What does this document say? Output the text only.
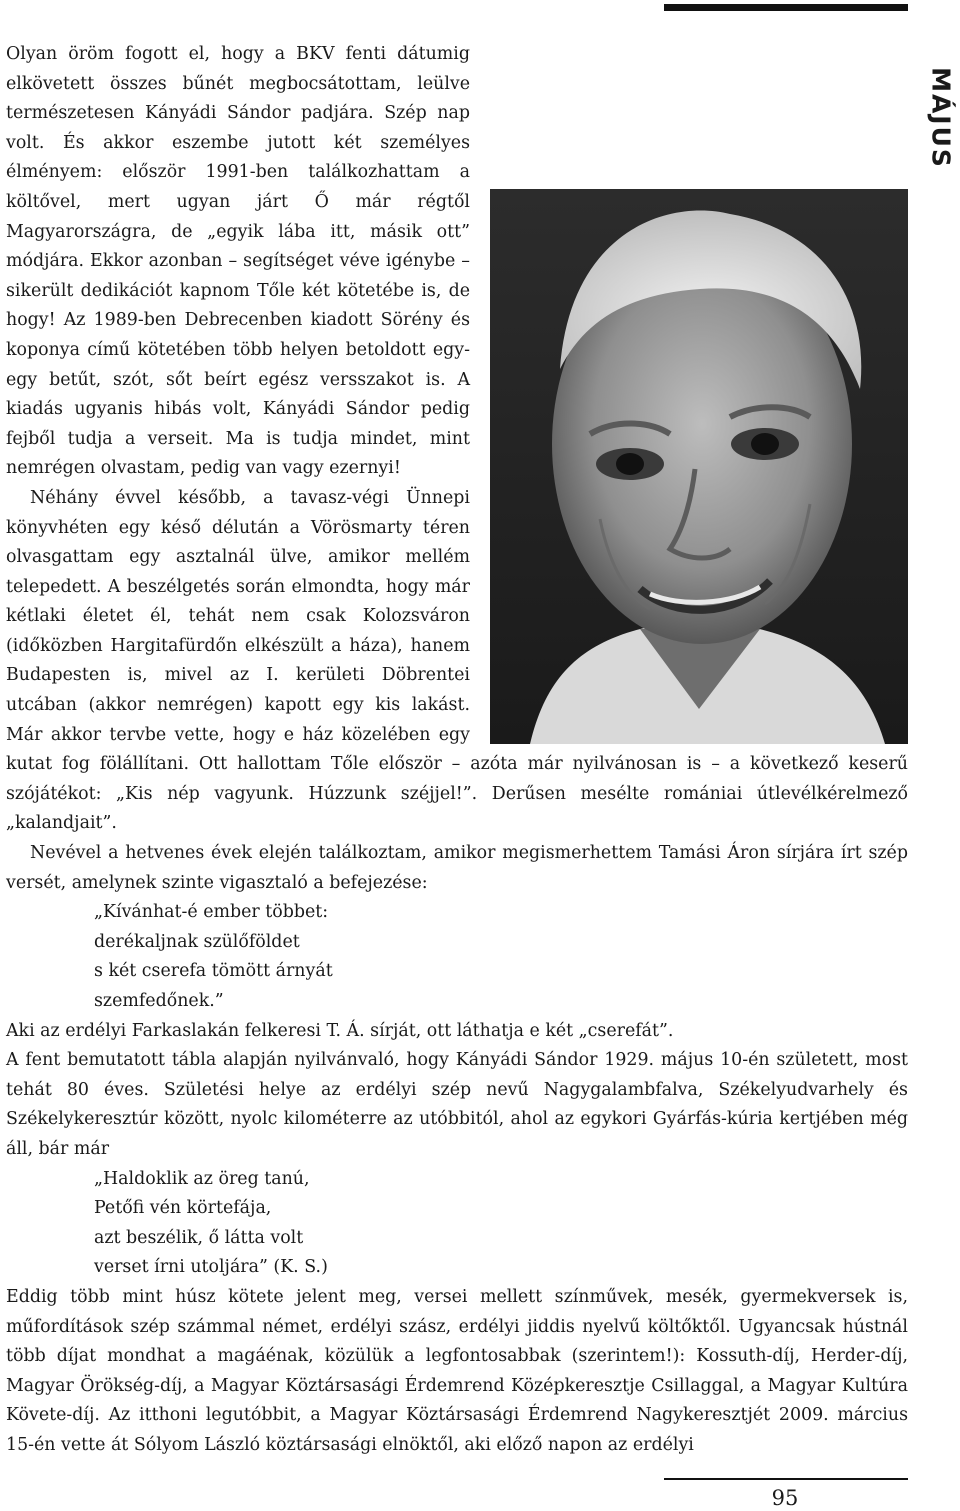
MÁJUS

Olyan öröm fogott el, hogy a BKV fenti dátumig elkövetett összes bűnét megbocsátottam, leülve természetesen Kányádi Sándor padjára. Szép nap volt. És akkor eszembe jutott két személyes élményem: először 1991-ben találkozhattam a költővel, mert ugyan járt Ő már régtől Magyarországra, de „egyik lába itt, másik ott” módjára. Ekkor azonban – segítséget véve igénybe – sikerült dedikációt kapnom Tőle két kötetébe is, de hogy! Az 1989-ben Debrecenben kiadott Sörény és koponya című kötetében több helyen betoldott egy-egy betűt, szót, sőt beírt egész versszakot is. A kiadás ugyanis hibás volt, Kányádi Sándor pedig fejből tudja a verseit. Ma is tudja mindet, mint nemrégen olvastam, pedig van vagy ezernyi!

Néhány évvel később, a tavasz-végi Ünnepi könyvhéten egy késő délután a Vörösmarty téren olvasgattam egy asztalnál ülve, amikor mellém telepedett. A beszélgetés során elmondta, hogy már kétlaki életet él, tehát nem csak Kolozsváron (időközben Hargitafürdőn elkészült a háza), hanem Budapesten is, mivel az I. kerületi Döbrentei utcában (akkor nemrégen) kapott egy kis lakást. Már akkor tervbe vette, hogy e ház közelében egy kutat fog fölállítani. Ott hallottam Tőle először – azóta már nyilvánosan is – a következő keserű szójátékot: „Kis nép vagyunk. Húzzunk széjjel!”. Derűsen mesélte romániai útlevélkérelmező „kalandjait”.

Nevével a hetvenes évek elején találkoztam, amikor megismerhettem Tamási Áron sírjára írt szép versét, amelynek szinte vigasztaló a befejezése:

„Kívánhat-é ember többet:
derékaljnak szülőföldet
s két cserefa tömött árnyát
szemfedőnek.”

Aki az erdélyi Farkaslakán felkeresi T. Á. sírját, ott láthatja e két „cserefát”.

A fent bemutatott tábla alapján nyilvánvaló, hogy Kányádi Sándor 1929. május 10-én született, most tehát 80 éves. Születési helye az erdélyi szép nevű Nagygalambfalva, Székelyudvarhely és Székelykeresztúr között, nyolc kilométerre az utóbbitól, ahol az egykori Gyárfás-kúria kertjében még áll, bár már

„Haldoklik az öreg tanú,
Petőfi vén körtefája,
azt beszélik, ő látta volt
verset írni utoljára” (K. S.)

Eddig több mint húsz kötete jelent meg, versei mellett színművek, mesék, gyermekversek is, műfordítások szép számmal német, erdélyi szász, erdélyi jiddis nyelvű költőktől. Ugyancsak hústnál több díjat mondhat a magáénak, közülük a legfontosabbak (szerintem!): Kossuth-díj, Herder-díj, Magyar Örökség-díj, a Magyar Köztársasági Érdemrend Középkeresztje Csillaggal, a Magyar Kultúra Követe-díj. Az itthoni legutóbbit, a Magyar Köztársasági Érdemrend Nagykeresztjét 2009. március 15-én vette át Sólyom László köztársasági elnöktől, aki előző napon az erdélyi

95
